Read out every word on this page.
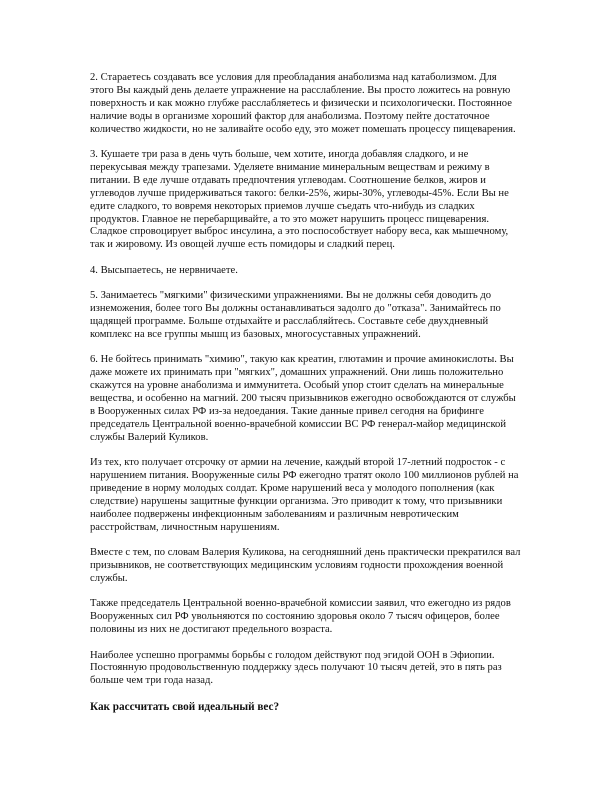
2. Стараетесь создавать все условия для преобладания анаболизма над катаболизмом. Для этого Вы каждый день делаете упражнение на расслабление. Вы просто ложитесь на ровную поверхность и как можно глубже расслабляетесь и физически и психологически. Постоянное наличие воды в организме хороший фактор для анаболизма. Поэтому пейте достаточное количество жидкости, но не заливайте особо еду, это может помешать процессу пищеварения.

3. Кушаете три раза в день чуть больше, чем хотите, иногда добавляя сладкого, и не перекусывая между трапезами. Уделяете внимание минеральным веществам и режиму в питании. В еде лучше отдавать предпочтения углеводам. Соотношение белков, жиров и углеводов лучше придерживаться такого: белки-25%, жиры-30%, углеводы-45%. Если Вы не едите сладкого, то вовремя некоторых приемов лучше съедать что-нибудь из сладких продуктов. Главное не перебарщивайте, а то это может нарушить процесс пищеварения. Сладкое спровоцирует выброс инсулина, а это поспособствует набору веса, как мышечному, так и жировому. Из овощей лучше есть помидоры и сладкий перец.

4. Высыпаетесь, не нервничаете.

5. Занимаетесь "мягкими" физическими упражнениями. Вы не должны себя доводить до изнеможения, более того Вы должны останавливаться задолго до "отказа". Занимайтесь по щадящей программе. Больше отдыхайте и расслабляйтесь. Составьте себе двухдневный комплекс на все группы мышц из базовых, многосуставных упражнений.

6. Не бойтесь принимать "химию", такую как креатин, глютамин и прочие аминокислоты. Вы даже можете их принимать при "мягких", домашних упражнений. Они лишь положительно скажутся на уровне анаболизма и иммунитета. Особый упор стоит сделать на минеральные вещества, и особенно на магний. 200 тысяч призывников ежегодно освобождаются от службы в Вооруженных силах РФ из-за недоедания. Такие данные привел сегодня на брифинге председатель Центральной военно-врачебной комиссии ВС РФ генерал-майор медицинской службы Валерий Куликов.

Из тех, кто получает отсрочку от армии на лечение, каждый второй 17-летний подросток - с нарушением питания. Вооруженные силы РФ ежегодно тратят около 100 миллионов рублей на приведение в норму молодых солдат. Кроме нарушений веса у молодого пополнения (как следствие) нарушены защитные функции организма. Это приводит к тому, что призывники наиболее подвержены инфекционным заболеваниям и различным невротическим расстройствам, личностным нарушениям.

Вместе с тем, по словам Валерия Куликова, на сегодняшний день практически прекратился вал призывников, не соответствующих медицинским условиям годности прохождения военной службы.

Также председатель Центральной военно-врачебной комиссии заявил, что ежегодно из рядов Вооруженных сил РФ увольняются по состоянию здоровья около 7 тысяч офицеров, более половины из них не достигают предельного возраста.

Наиболее успешно программы борьбы с голодом действуют под эгидой ООН в Эфиопии. Постоянную продовольственную поддержку здесь получают 10 тысяч детей, это в пять раз больше чем три года назад.

Как рассчитать свой идеальный вес?
